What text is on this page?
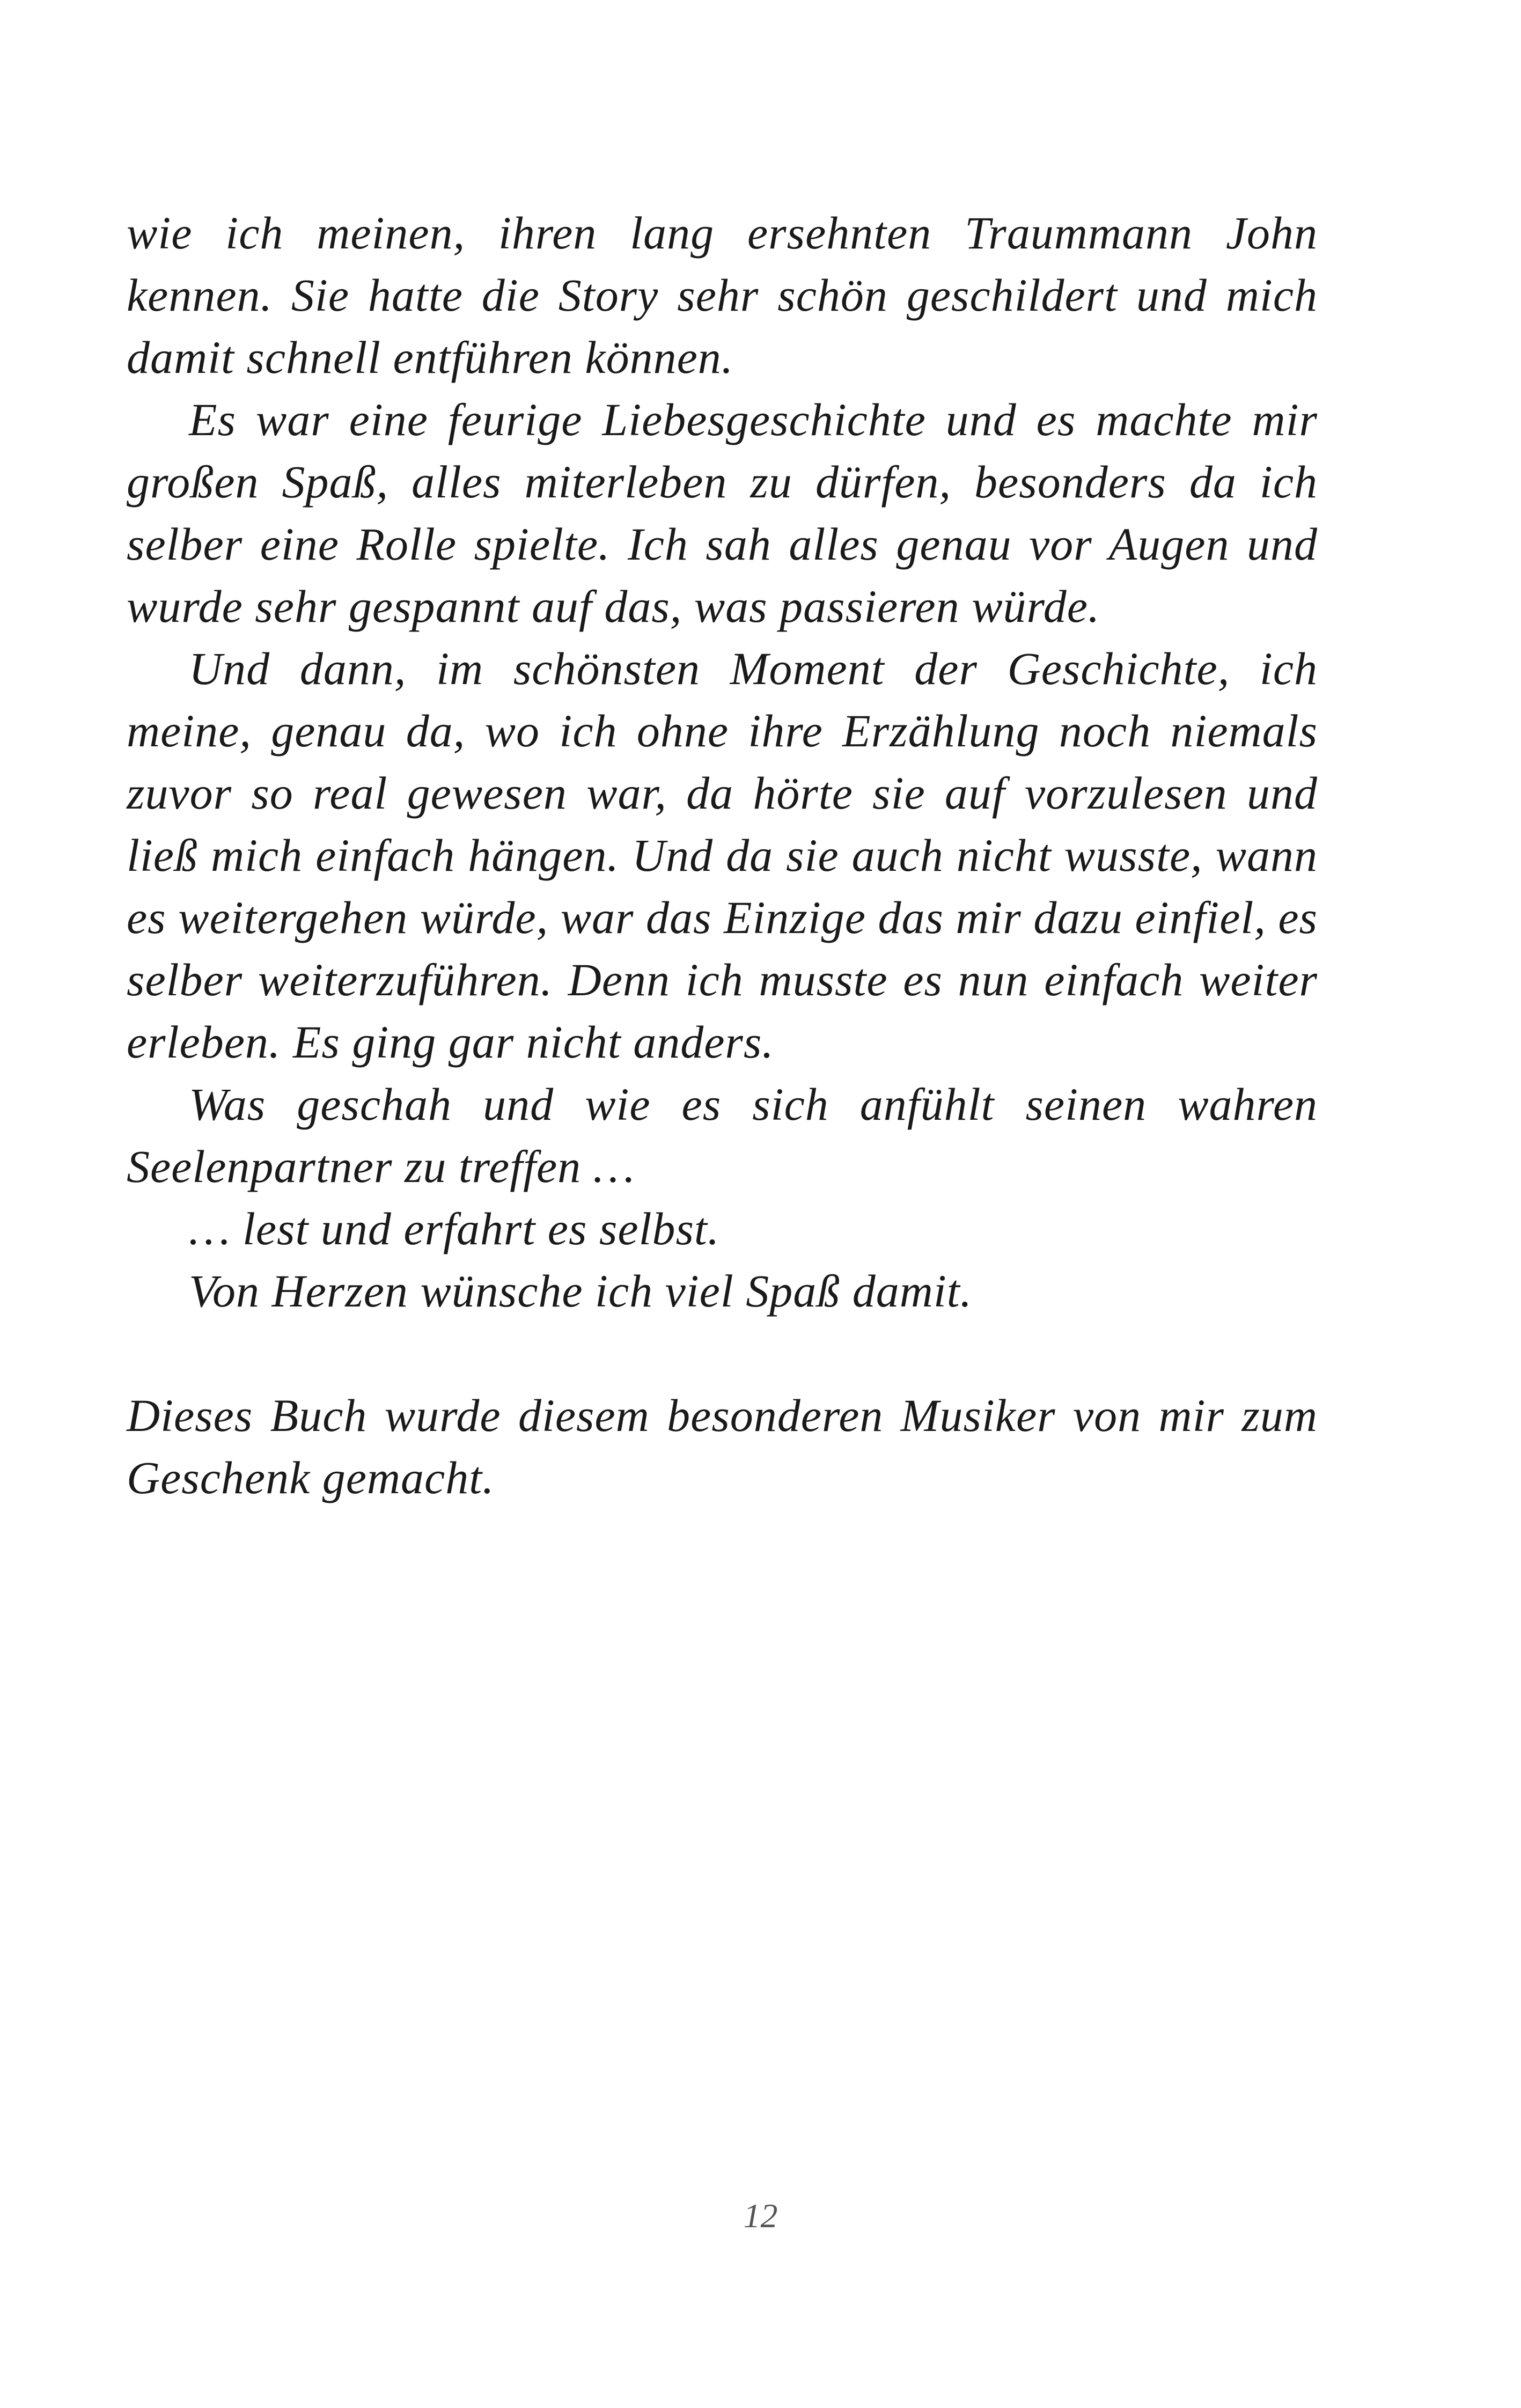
wie ich meinen, ihren lang ersehnten Traummann John kennen. Sie hatte die Story sehr schön geschildert und mich damit schnell entführen können.

Es war eine feurige Liebesgeschichte und es machte mir großen Spaß, alles miterleben zu dürfen, besonders da ich selber eine Rolle spielte. Ich sah alles genau vor Augen und wurde sehr gespannt auf das, was passieren würde.

Und dann, im schönsten Moment der Geschichte, ich meine, genau da, wo ich ohne ihre Erzählung noch niemals zuvor so real gewesen war, da hörte sie auf vorzulesen und ließ mich einfach hängen. Und da sie auch nicht wusste, wann es weitergehen würde, war das Einzige das mir dazu einfiel, es selber weiterzuführen. Denn ich musste es nun einfach weiter erleben. Es ging gar nicht anders.

Was geschah und wie es sich anfühlt seinen wahren Seelenpartner zu treffen …

… lest und erfahrt es selbst.

Von Herzen wünsche ich viel Spaß damit.

Dieses Buch wurde diesem besonderen Musiker von mir zum Geschenk gemacht.

12
